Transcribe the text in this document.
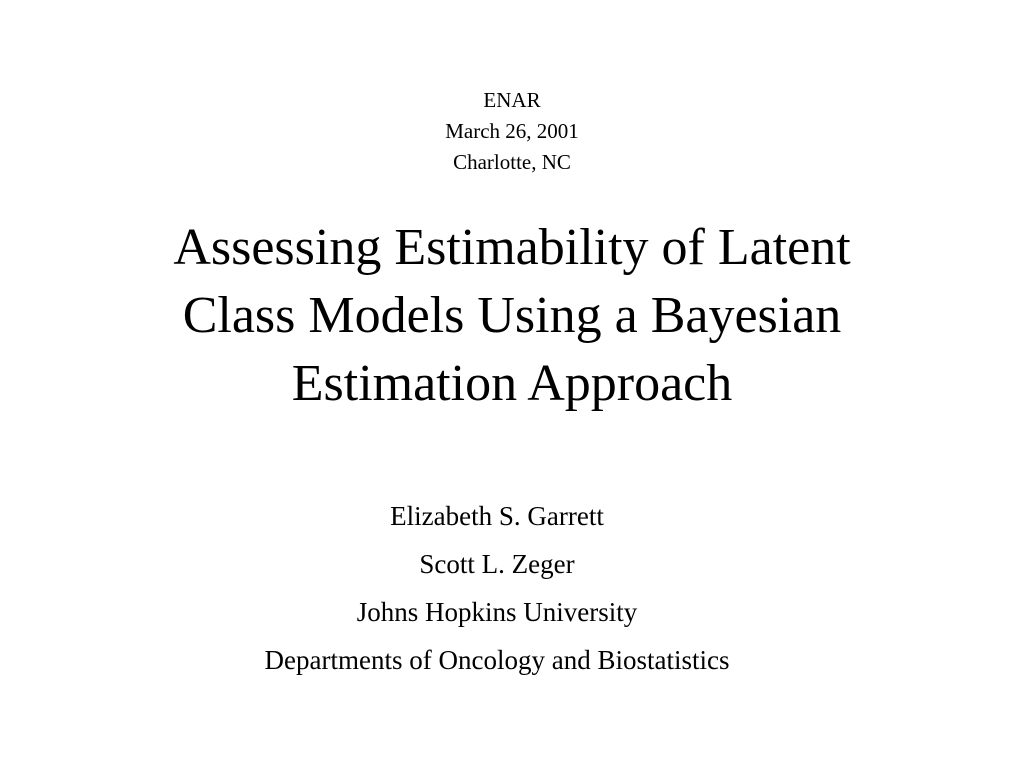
ENAR
March 26, 2001
Charlotte, NC
Assessing Estimability of Latent
Class Models Using a Bayesian
Estimation Approach
Elizabeth S. Garrett
Scott L. Zeger
Johns Hopkins University
Departments of Oncology and Biostatistics
